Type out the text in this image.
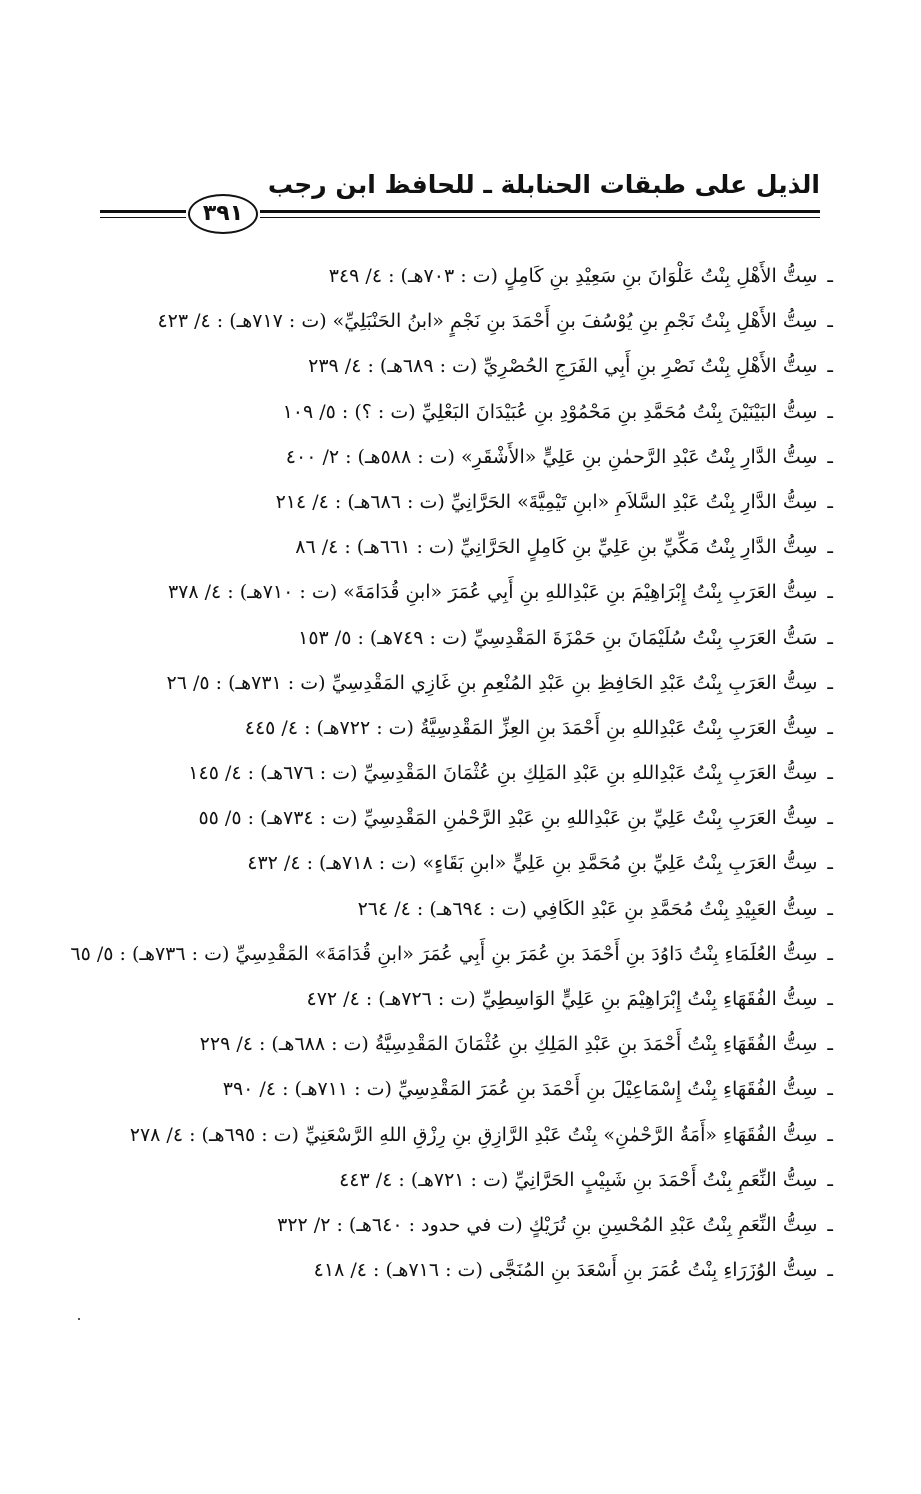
الذيل على طبقات الحنابلة ـ للحافظ ابن رجب
٣٩١
ـسِتُّ الأَهْلِ بِنْتُ عَلْوَانَ بنِ سَعِيْدِ بنِ كَامِلٍ (ت : ٧٠٣هـ) : ٤/ ٣٤٩
ـسِتُّ الأَهْلِ بِنْتُ نَجْمِ بنِ يُوْسُفَ بنِ أَحْمَدَ بنِ نَجْمٍ «ابنُ الحَنْبَلِيِّ» (ت : ٧١٧هـ) : ٤/ ٤٢٣
ـسِتُّ الأَهْلِ بِنْتُ نَصْرِ بنِ أَبِي الفَرَجِ الحُصْرِيِّ (ت : ٦٨٩هـ) : ٤/ ٢٣٩
ـسِتُّ البَيْنَيْنَ بِنْتُ مُحَمَّدِ بنِ مَحْمُوْدِ بنِ عُبَيْدَانَ البَعْلِيِّ (ت : ؟) : ٥/ ١٠٩
ـسِتُّ الدَّارِ بِنْتُ عَبْدِ الرَّحمٰنِ بنِ عَلِيٍّ «الأَشْقَرِ» (ت : ٥٨٨هـ) : ٢/ ٤٠٠
ـسِتُّ الدَّارِ بِنْتُ عَبْدِ السَّلاَمِ «ابنِ تَيْمِيَّةَ» الحَرَّانِيِّ (ت : ٦٨٦هـ) : ٤/ ٢١٤
ـسِتُّ الدَّارِ بِنْتُ مَكِّيِّ بنِ عَلِيِّ بنِ كَامِلٍ الحَرَّانِيِّ (ت : ٦٦١هـ) : ٤/ ٨٦
ـسِتُّ العَرَبِ بِنْتُ إِبْرَاهِيْمَ بنِ عَبْدِاللهِ بنِ أَبِي عُمَرَ «ابنِ قُدَامَةَ» (ت : ٧١٠هـ) : ٤/ ٣٧٨
ـسَتُّ العَرَبِ بِنْتُ سُلَيْمَانَ بنِ حَمْزَةَ المَقْدِسِيِّ (ت : ٧٤٩هـ) : ٥/ ١٥٣
ـسِتُّ العَرَبِ بِنْتُ عَبْدِ الحَافِظِ بنِ عَبْدِ المُنْعِمِ بنِ غَازِي المَقْدِسِيِّ (ت : ٧٣١هـ) : ٥/ ٢٦
ـسِتُّ العَرَبِ بِنْتُ عَبْدِاللهِ بنِ أَحْمَدَ بنِ العِزِّ المَقْدِسِيَّةُ (ت : ٧٢٢هـ) : ٤/ ٤٤٥
ـسِتُّ العَرَبِ بِنْتُ عَبْدِاللهِ بنِ عَبْدِ المَلِكِ بنِ عُثْمَانَ المَقْدِسِيِّ (ت : ٦٧٦هـ) : ٤/ ١٤٥
ـسِتُّ العَرَبِ بِنْتُ عَلِيِّ بنِ عَبْدِاللهِ بنِ عَبْدِ الرَّحْمٰنِ المَقْدِسِيِّ (ت : ٧٣٤هـ) : ٥/ ٥٥
ـسِتُّ العَرَبِ بِنْتُ عَلِيِّ بنِ مُحَمَّدِ بنِ عَلِيٍّ «ابنِ بَقَاءٍ» (ت : ٧١٨هـ) : ٤/ ٤٣٢
ـسِتُّ العَبِيْدِ بِنْتُ مُحَمَّدِ بنِ عَبْدِ الكَافِي (ت : ٦٩٤هـ) : ٤/ ٢٦٤
ـسِتُّ العُلَمَاءِ بِنْتُ دَاوُدَ بنِ أَحْمَدَ بنِ عُمَرَ بنِ أَبِي عُمَرَ «ابنِ قُدَامَةَ» المَقْدِسِيِّ (ت : ٧٣٦هـ) : ٥/ ٦٥
ـسِتُّ الفُقَهَاءِ بِنْتُ إِبْرَاهِيْمَ بنِ عَلِيٍّ الوَاسِطِيِّ (ت : ٧٢٦هـ) : ٤/ ٤٧٢
ـسِتُّ الفُقَهَاءِ بِنْتُ أَحْمَدَ بنِ عَبْدِ المَلِكِ بنِ عُثْمَانَ المَقْدِسِيَّةُ (ت : ٦٨٨هـ) : ٤/ ٢٢٩
ـسِتُّ الفُقَهَاءِ بِنْتُ إِسْمَاعِيْلَ بنِ أَحْمَدَ بنِ عُمَرَ المَقْدِسِيِّ (ت : ٧١١هـ) : ٤/ ٣٩٠
ـسِتُّ الفُقَهَاءِ «أَمَةُ الرَّحْمٰنِ» بِنْتُ عَبْدِ الرَّازِقِ بنِ رِزْقِ اللهِ الرَّسْعَنِيِّ (ت : ٦٩٥هـ) : ٤/ ٢٧٨
ـسِتُّ النِّعَمِ بِنْتُ أَحْمَدَ بنِ شَبِيْبٍ الحَرَّانِيِّ (ت : ٧٢١هـ) : ٤/ ٤٤٣
ـسِتُّ النِّعَمِ بِنْتُ عَبْدِ المُحْسِنِ بنِ تُرَيْكٍ (ت في حدود : ٦٤٠هـ) : ٢/ ٣٢٢
ـسِتُّ الوُزَرَاءِ بِنْتُ عُمَرَ بنِ أَسْعَدَ بنِ المُنَجَّى (ت : ٧١٦هـ) : ٤/ ٤١٨
